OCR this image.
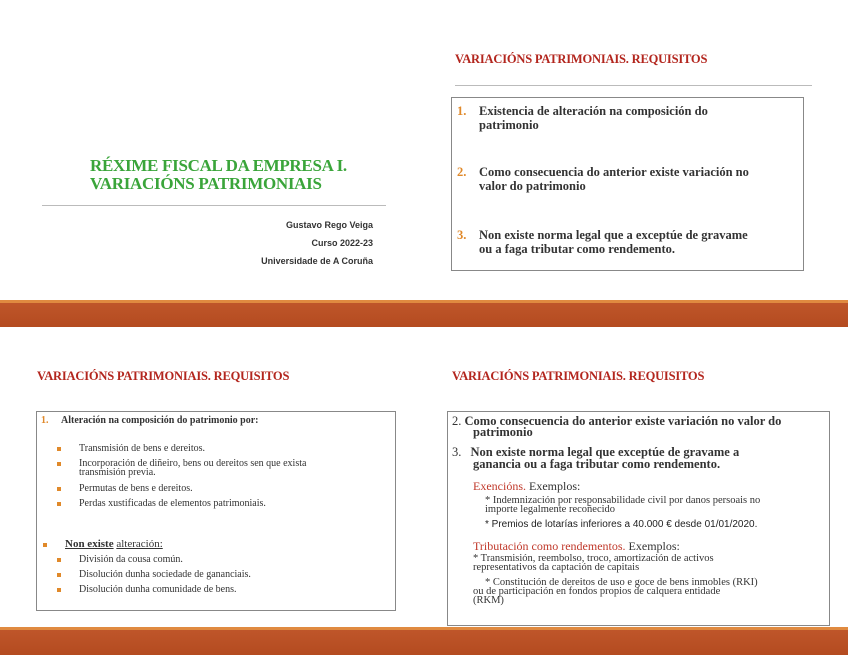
RÉXIME FISCAL DA EMPRESA I.
VARIACIÓNS PATRIMONIAIS
Gustavo Rego Veiga
Curso 2022-23
Universidade de A Coruña
VARIACIÓNS PATRIMONIAIS. REQUISITOS
1. Existencia de alteración na composición do
patrimonio
2. Como consecuencia do anterior existe variación no
valor do patrimonio
3. Non existe norma legal que a exceptúe de gravame
ou a faga tributar como rendemento.
VARIACIÓNS PATRIMONIAIS. REQUISITOS
1. Alteración na composición do patrimonio por:
Transmisión de bens e dereitos.
Incorporación de diñeiro, bens ou dereitos sen que exista
transmisión previa.
Permutas de bens e dereitos.
Perdas xustificadas de elementos patrimoniais.
Non existe alteración:
División da cousa común.
Disolución dunha sociedade de gananciais.
Disolución dunha comunidade de bens.
VARIACIÓNS PATRIMONIAIS. REQUISITOS
2. Como consecuencia do anterior existe variación no valor do
patrimonio
3. Non existe norma legal que exceptúe de gravame a
ganancia ou a faga tributar como rendemento.
Exencións. Exemplos:
* Indemnización por responsabilidade civil por danos persoais no
importe legalmente recoñecido
* Premios de lotarías inferiores a 40.000 € desde 01/01/2020.
Tributación como rendementos. Exemplos:
* Transmisión, reembolso, troco, amortización de activos
representativos da captación de capitais
* Constitución de dereitos de uso e goce de bens inmobles (RKI)
ou de participación en fondos propios de calquera entidade
(RKM)
